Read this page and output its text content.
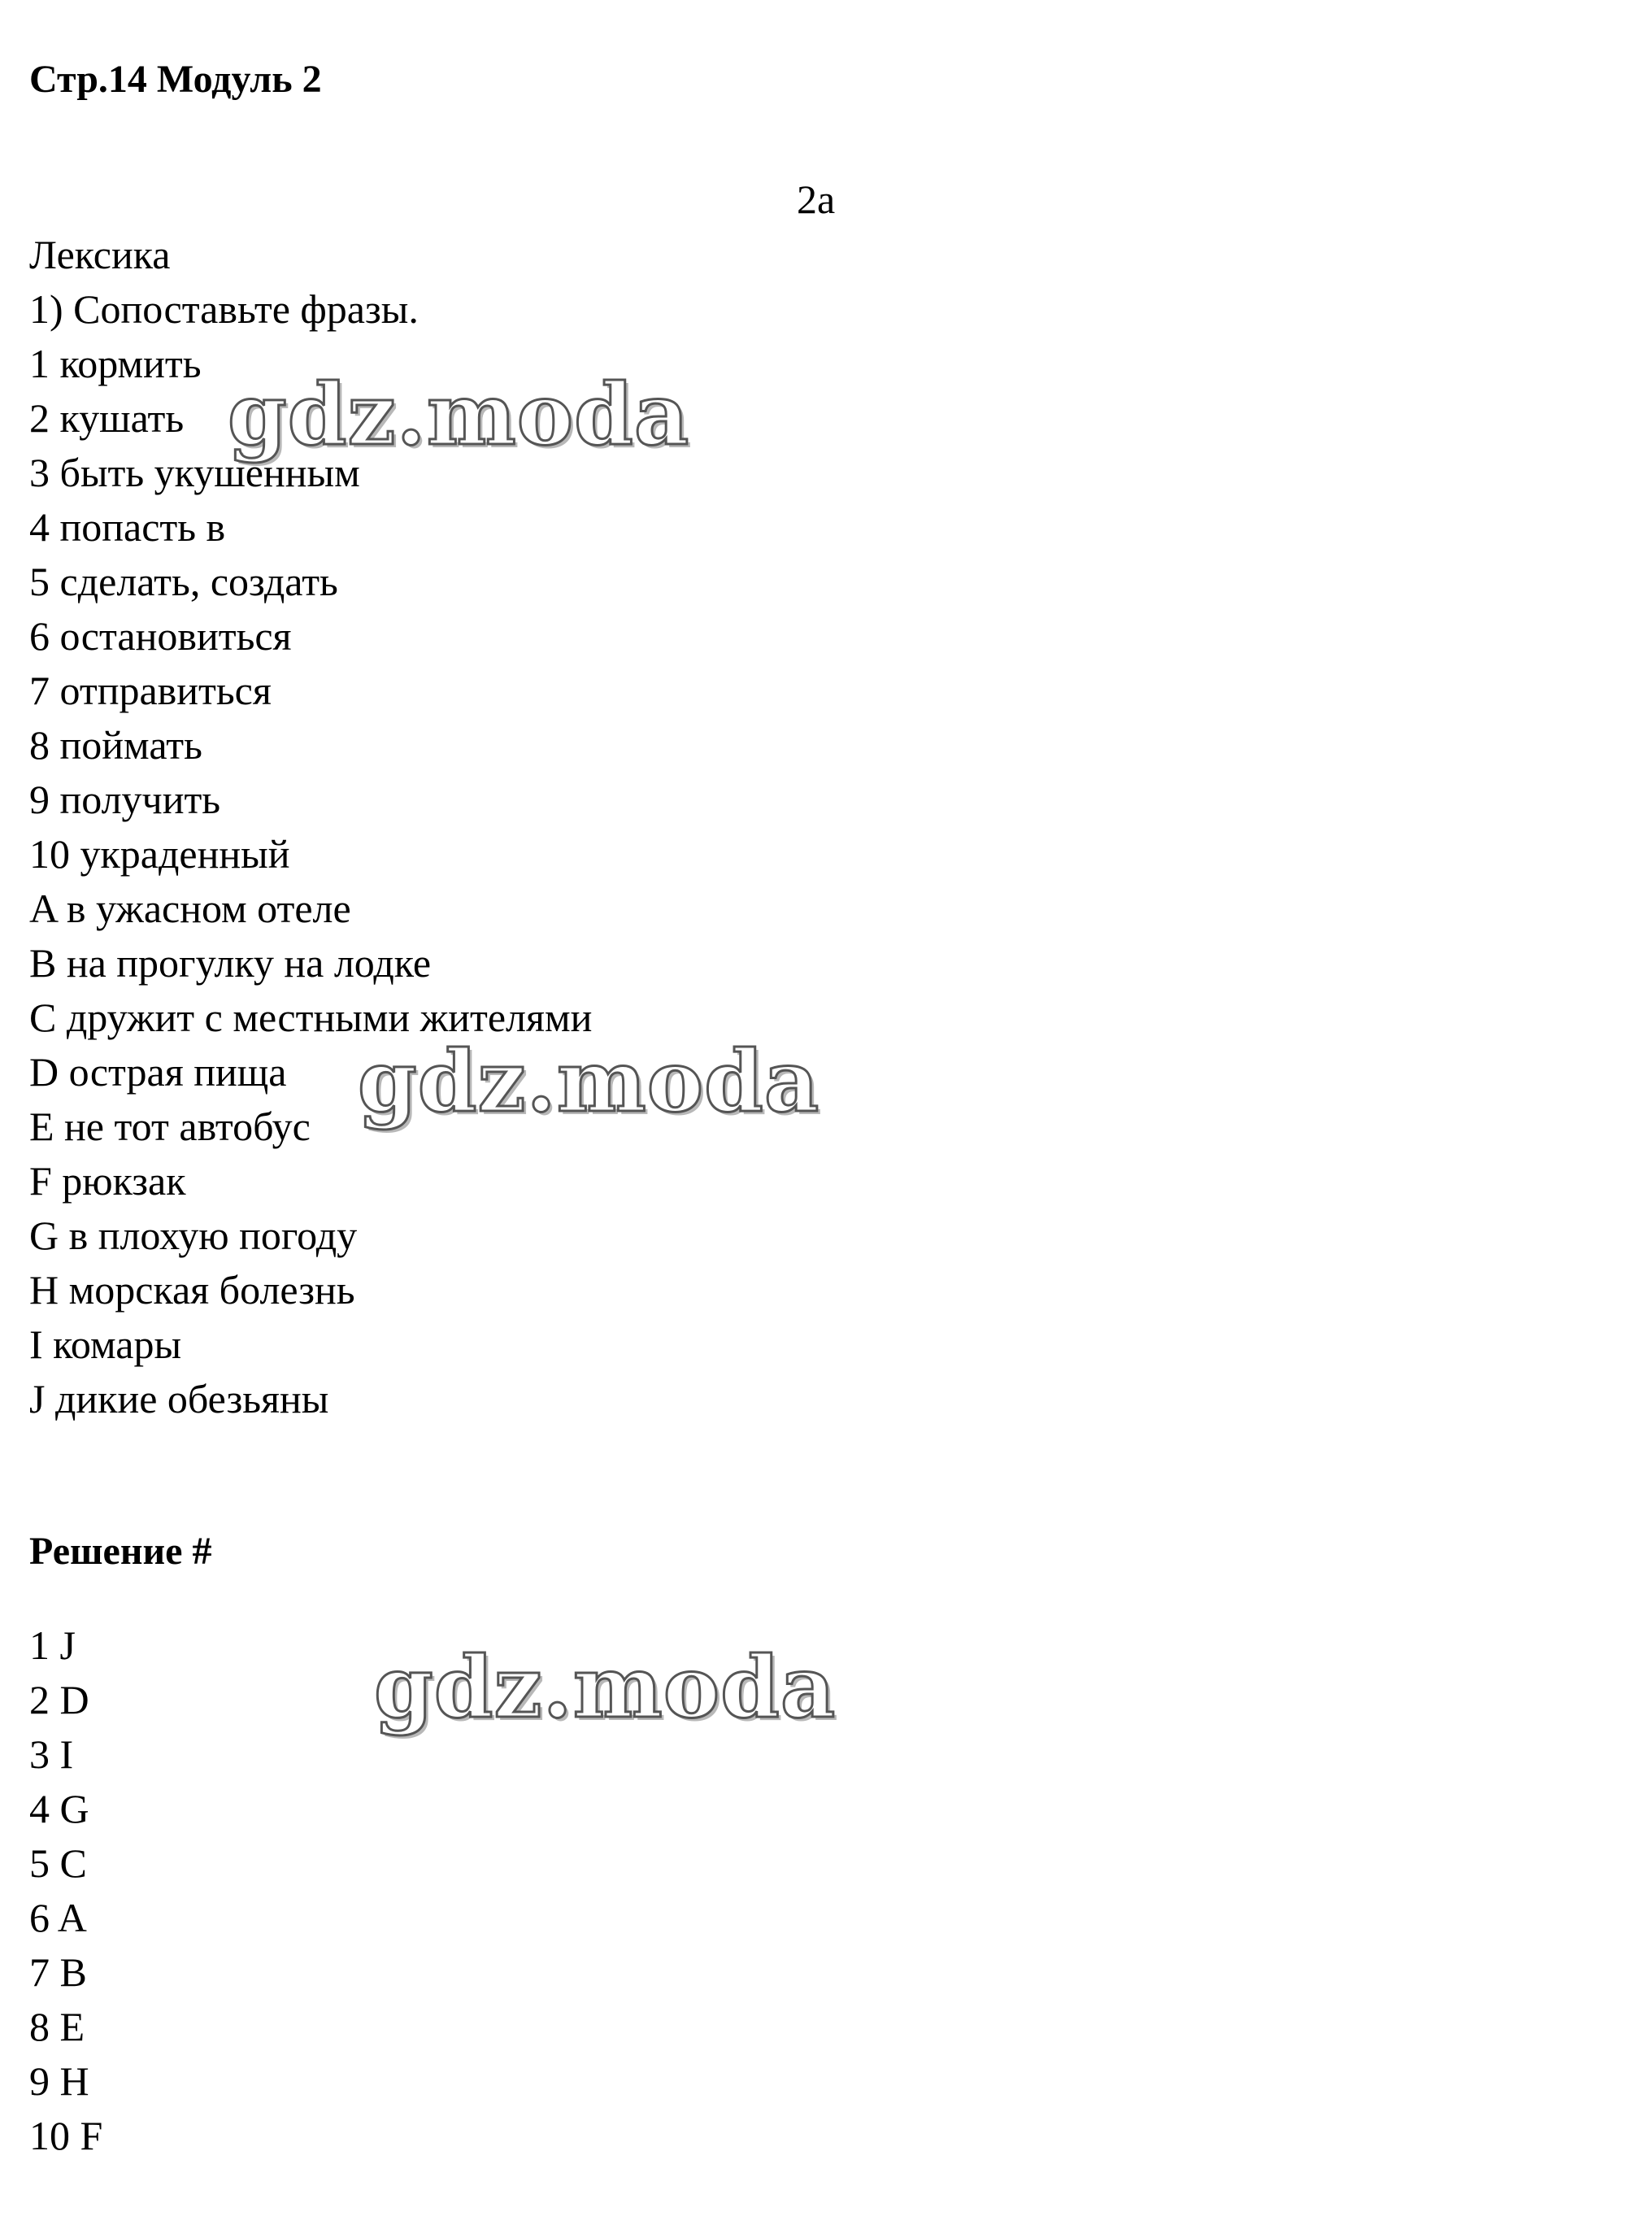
Стр.14 Модуль 2
2a
Лексика
1) Сопоставьте фразы.
1 кормить
2 кушать
3 быть укушенным
4 попасть в
5 сделать, создать
6 остановиться
7 отправиться
8 поймать
9 получить
10 украденный
A в ужасном отеле
B на прогулку на лодке
C дружит с местными жителями
D острая пища
E не тот автобус
F рюкзак
G в плохую погоду
H морская болезнь
I комары
J дикие обезьяны
Решение #
1 J
2 D
3 I
4 G
5 C
6 A
7 B
8 E
9 H
10 F
gdz.moda
gdz.moda
gdz.moda
